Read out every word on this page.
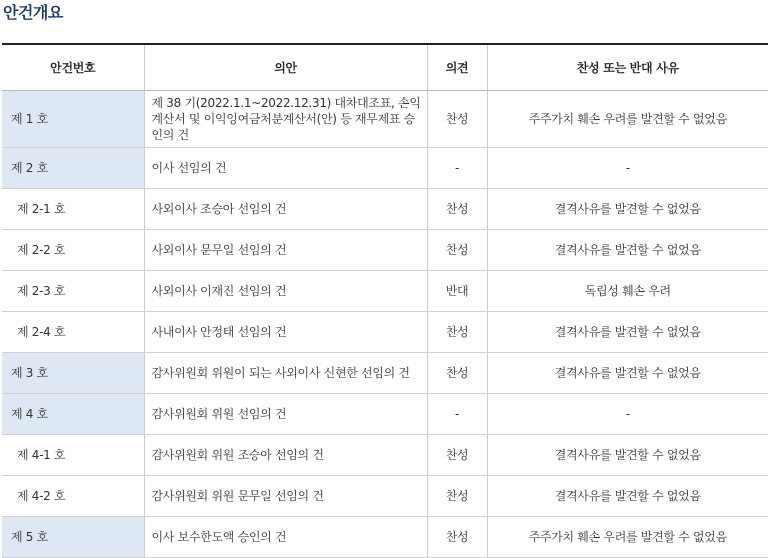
안건개요
안건번호	의안	의견	찬성 또는 반대 사유
제 1 호	제 38 기(2022.1.1~2022.12.31) 대차대조표, 손익계산서 및 이익잉여금처분계산서(안) 등 재무제표 승인의 건	찬성	주주가치 훼손 우려를 발견할 수 없었음
제 2 호	이사 선임의 건	-	-
제 2-1 호	사외이사 조승아 선임의 건	찬성	결격사유를 발견할 수 없었음
제 2-2 호	사외이사 문무일 선임의 건	찬성	결격사유를 발견할 수 없었음
제 2-3 호	사외이사 이재진 선임의 건	반대	독립성 훼손 우려
제 2-4 호	사내이사 안정태 선임의 건	찬성	결격사유를 발견할 수 없었음
제 3 호	감사위원회 위원이 되는 사외이사 신현한 선임의 건	찬성	결격사유를 발견할 수 없었음
제 4 호	감사위원회 위원 선임의 건	-	-
제 4-1 호	감사위원회 위원 조승아 선임의 건	찬성	결격사유를 발견할 수 없었음
제 4-2 호	감사위원회 위원 문무일 선임의 건	찬성	결격사유를 발견할 수 없었음
제 5 호	이사 보수한도액 승인의 건	찬성	주주가치 훼손 우려를 발견할 수 없었음
